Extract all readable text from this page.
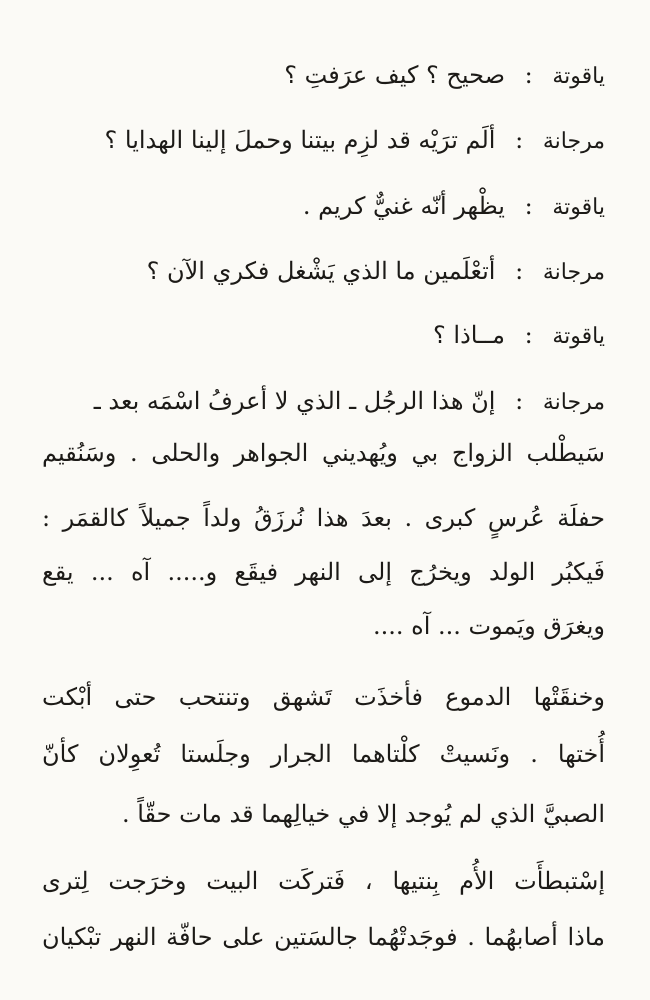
ياقوتة : صحيح ؟ كيف عرَفتِ ؟
مرجانة : ألَم ترَيْه قد لزِم بيتنا وحملَ إلينا الهدايا ؟
ياقوتة : يظْهر أنّه غنيٌّ كريم .
مرجانة : أتعْلَمين ما الذي يَشْغل فكري الآن ؟
ياقوتة : مــاذا ؟
مرجانة : إنّ هذا الرجُل ـ الذي لا أعرفُ اسْمَه بعد ـ
سَيطْلب الزواج بي ويُهديني الجواهر والحلى . وسَنُقيم
حفلَة عُرسٍ كبرى . بعدَ هذا نُرزَقُ ولداً جميلاً كالقمَر :
فَيكبُر الولد ويخرُج إلى النهر فيقَع و..... آه ... يقع
ويغرَق ويَموت ... آه ....
وخنقَتْها الدموع فأخذَت تَشهق وتنتحب حتى أبْكت
أُختها . ونَسيتْ كلْتاهما الجرار وجلَستا تُعوِلان كأنّ
الصبيَّ الذي لم يُوجد إلا في خيالِهما قد مات حقّاً .
إسْتبطأَت الأُم بِنتيها ، فَتركَت البيت وخرَجت لِترى
ماذا أصابهُما . فوجَدتْهُما جالسَتين على حافّة النهر تبْكيان
